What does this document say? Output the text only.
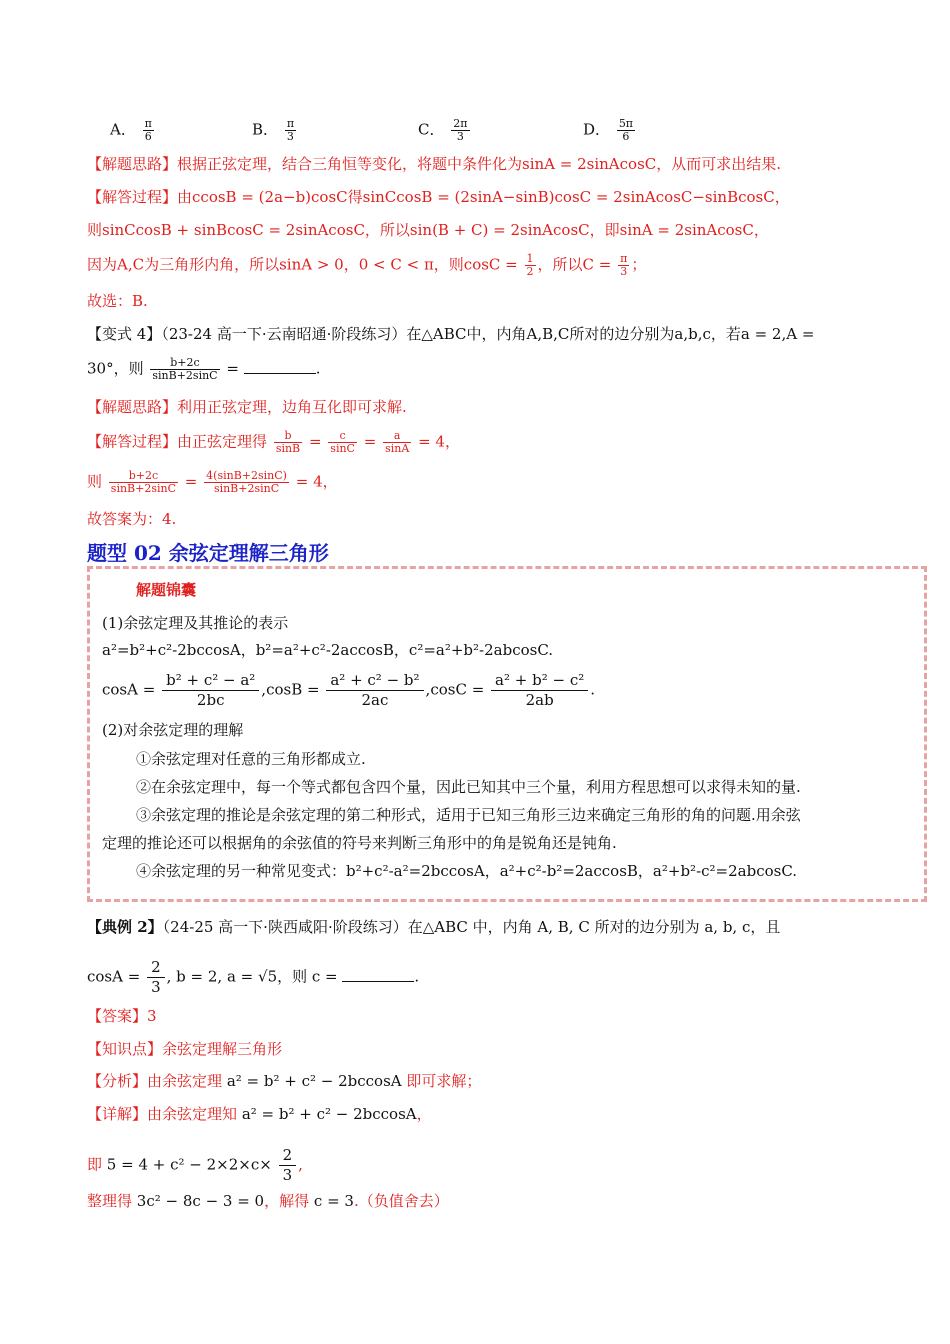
A． $\frac{\pi}{6}$	B． $\frac{\pi}{3}$	C． $\frac{2\pi}{3}$	D． $\frac{5\pi}{6}$
【解题思路】根据正弦定理，结合三角恒等变化，将题中条件化为sinA = 2sinAcosC，从而可求出结果.
【解答过程】由ccosB = (2a−b)cosC得sinCcosB = (2sinA−sinB)cosC = 2sinAcosC−sinBcosC，
则sinCcosB + sinBcosC = 2sinAcosC，所以sin(B + C) = 2sinAcosC，即sinA = 2sinAcosC，
因为A,C为三角形内角，所以sinA > 0，0 < C < π，则$\cos C = \frac{1}{2}$ ，所以$C = \frac{\pi}{3}$ ；
故选：B.
【变式 4】（23-24 高一下·云南昭通·阶段练习）在△ABC中，内角A,B,C所对的边分别为a,b,c，若a = 2,A =
30°，则 $\frac{b+2c}{\sin B+2\sin C}$ =	.
【解题思路】利用正弦定理，边角互化即可求解.
【解答过程】由正弦定理得 $\frac{b}{\sin B} = \frac{c}{\sin C} = \frac{a}{\sin A} = 4$，
则 $\frac{b+2c}{\sin B+2\sin C} = \frac{4(\sin B+2\sin C)}{\sin B+2\sin C} = 4$，
故答案为：4.
题型 02 余弦定理解三角形
解题锦囊
(1)余弦定理及其推论的表示
a²=b²+c²-2bccosA，b²=a²+c²-2accosB，c²=a²+b²-2abcosC.
$\cos A = \frac{\text{b² + c² − a²}}{2bc} ,\cos B = \frac{\text{a² + c² − b²}}{2ac} ,\cos C = \frac{\text{a² + b² − c²}}{2ab}$ .
(2)对余弦定理的理解
①余弦定理对任意的三角形都成立.
②在余弦定理中，每一个等式都包含四个量，因此已知其中三个量，利用方程思想可以求得未知的量.
③余弦定理的推论是余弦定理的第二种形式，适用于已知三角形三边来确定三角形的角的问题.用余弦
定理的推论还可以根据角的余弦值的符号来判断三角形中的角是锐角还是钝角.
④余弦定理的另一种常见变式：b²+c²-a²=2bccosA，a²+c²-b²=2accosB，a²+b²-c²=2abcosC.
【典例 2】（24-25 高一下·陕西咸阳·阶段练习）在△ABC 中，内角 A, B, C 所对的边分别为 a, b, c，且
$\cos A = \frac{2}{3}$ , b = 2, a = √5，则 c =	.
【答案】3
【知识点】余弦定理解三角形
【分析】由余弦定理 a² = b² + c² − 2bccosA 即可求解；
【详解】由余弦定理知 a² = b² + c² − 2bccosA，
即 $5 = 4 + c^2 - 2\times 2\times c\times \frac{2}{3}$ ,
整理得 3c² − 8c − 3 = 0，解得 c = 3.（负值舍去）
